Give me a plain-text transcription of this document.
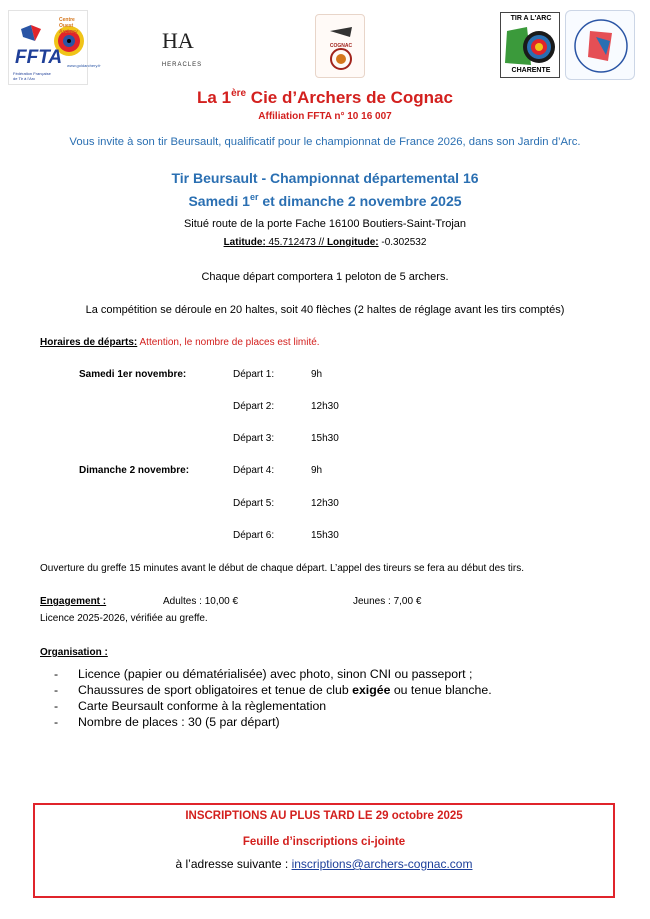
Centre Ouest Archery
FFTA
Fédération Française de Tir à l'Arc
www.goldarchery.fr
HA
HERACLES
COGNAC
TIR A L'ARC
CHARENTE
La 1ère Cie d’Archers de Cognac
Affiliation FFTA n° 10 16 007
Vous invite à son tir Beursault, qualificatif pour le championnat de France 2026, dans son Jardin d’Arc.
Tir Beursault - Championnat départemental 16
Samedi 1er et dimanche 2 novembre 2025
Situé route de la porte Fache 16100 Boutiers-Saint-Trojan
Latitude: 45.712473 // Longitude: -0.302532
Chaque départ comportera 1 peloton de 5 archers.
La compétition se déroule en 20 haltes, soit 40 flèches (2 haltes de réglage avant les tirs comptés)
Horaires de départs: Attention, le nombre de places est limité.
Samedi 1er novembre:	Départ 1:	9h
Départ 2:	12h30
Départ 3:	15h30
Dimanche 2 novembre:	Départ 4:	9h
Départ 5:	12h30
Départ 6:	15h30
Ouverture du greffe 15 minutes avant le début de chaque départ. L’appel des tireurs se fera au début des tirs.
Engagement :	Adultes : 10,00 €	Jeunes : 7,00 €
Licence 2025-2026, vérifiée au greffe.
Organisation :
- Licence (papier ou dématérialisée) avec photo, sinon CNI ou passeport ;
- Chaussures de sport obligatoires et tenue de club exigée ou tenue blanche.
- Carte Beursault conforme à la règlementation
- Nombre de places : 30 (5 par départ)
INSCRIPTIONS AU PLUS TARD LE 29 octobre 2025
Feuille d’inscriptions ci-jointe
à l’adresse suivante : inscriptions@archers-cognac.com
